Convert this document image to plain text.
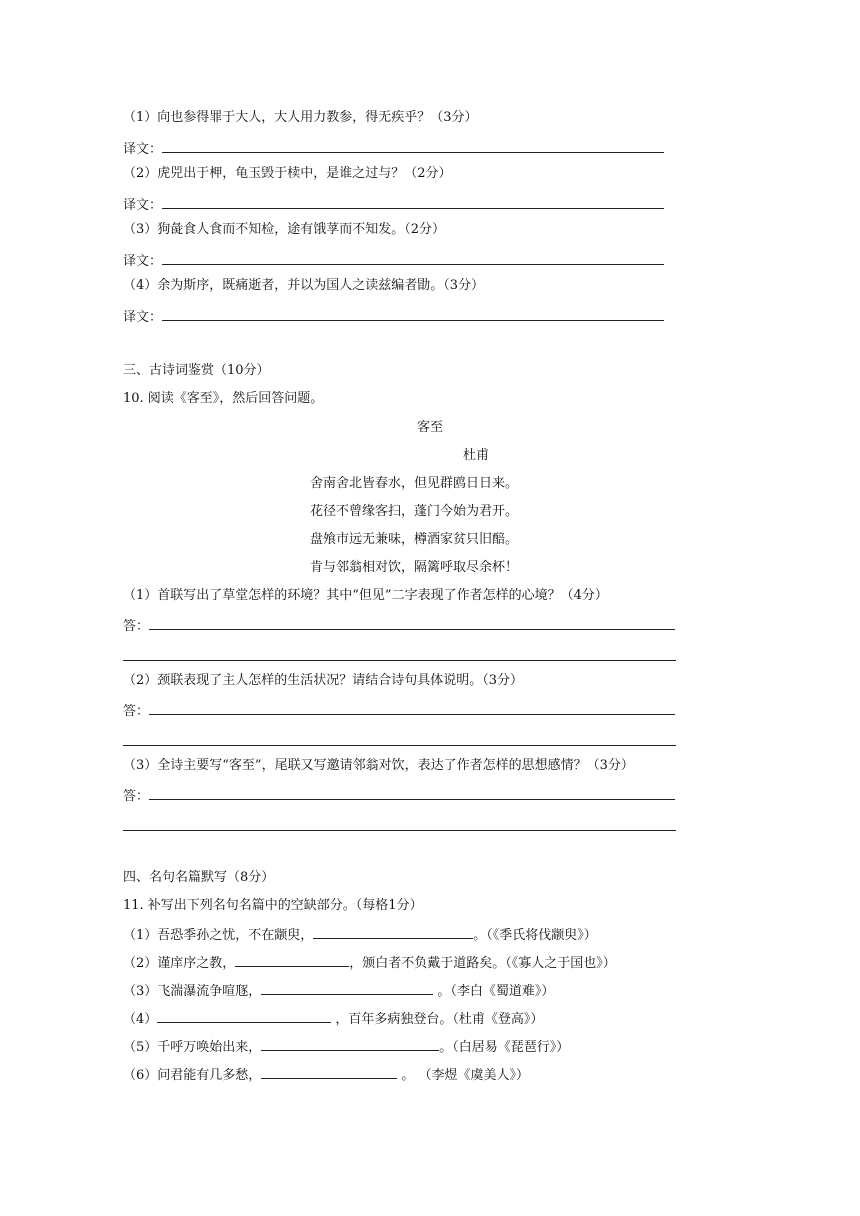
（1）向也参得罪于大人，大人用力教参，得无疾乎？（3分）
译文：
（2）虎兕出于柙，龟玉毁于椟中，是谁之过与？（2分）
译文：
（3）狗彘食人食而不知检，途有饿莩而不知发。（2分）
译文：
（4）余为斯序，既痛逝者，并以为国人之读兹编者勖。（3分）
译文：
三、古诗词鉴赏（10分）
10. 阅读《客至》，然后回答问题。
客至
杜甫
舍南舍北皆春水，但见群鸥日日来。
花径不曾缘客扫，蓬门今始为君开。
盘飧市远无兼味，樽酒家贫只旧醅。
肯与邻翁相对饮，隔篱呼取尽余杯！
（1）首联写出了草堂怎样的环境？其中“但见”二字表现了作者怎样的心境？（4分）
答：
（2）颈联表现了主人怎样的生活状况？请结合诗句具体说明。（3分）
答：
（3）全诗主要写“客至”，尾联又写邀请邻翁对饮，表达了作者怎样的思想感情？（3分）
答：
四、名句名篇默写（8分）
11. 补写出下列名句名篇中的空缺部分。（每格1分）
（1）吾恐季孙之忧，不在颛臾，	。（《季氏将伐颛臾》）
（2）谨庠序之教，	，颁白者不负戴于道路矣。（《寡人之于国也》）
（3）飞湍瀑流争喧豗，	。（李白《蜀道难》）
（4）	，百年多病独登台。（杜甫《登高》）
（5）千呼万唤始出来，	。（白居易《琵琶行》）
（6）问君能有几多愁，	。 （李煜《虞美人》）
